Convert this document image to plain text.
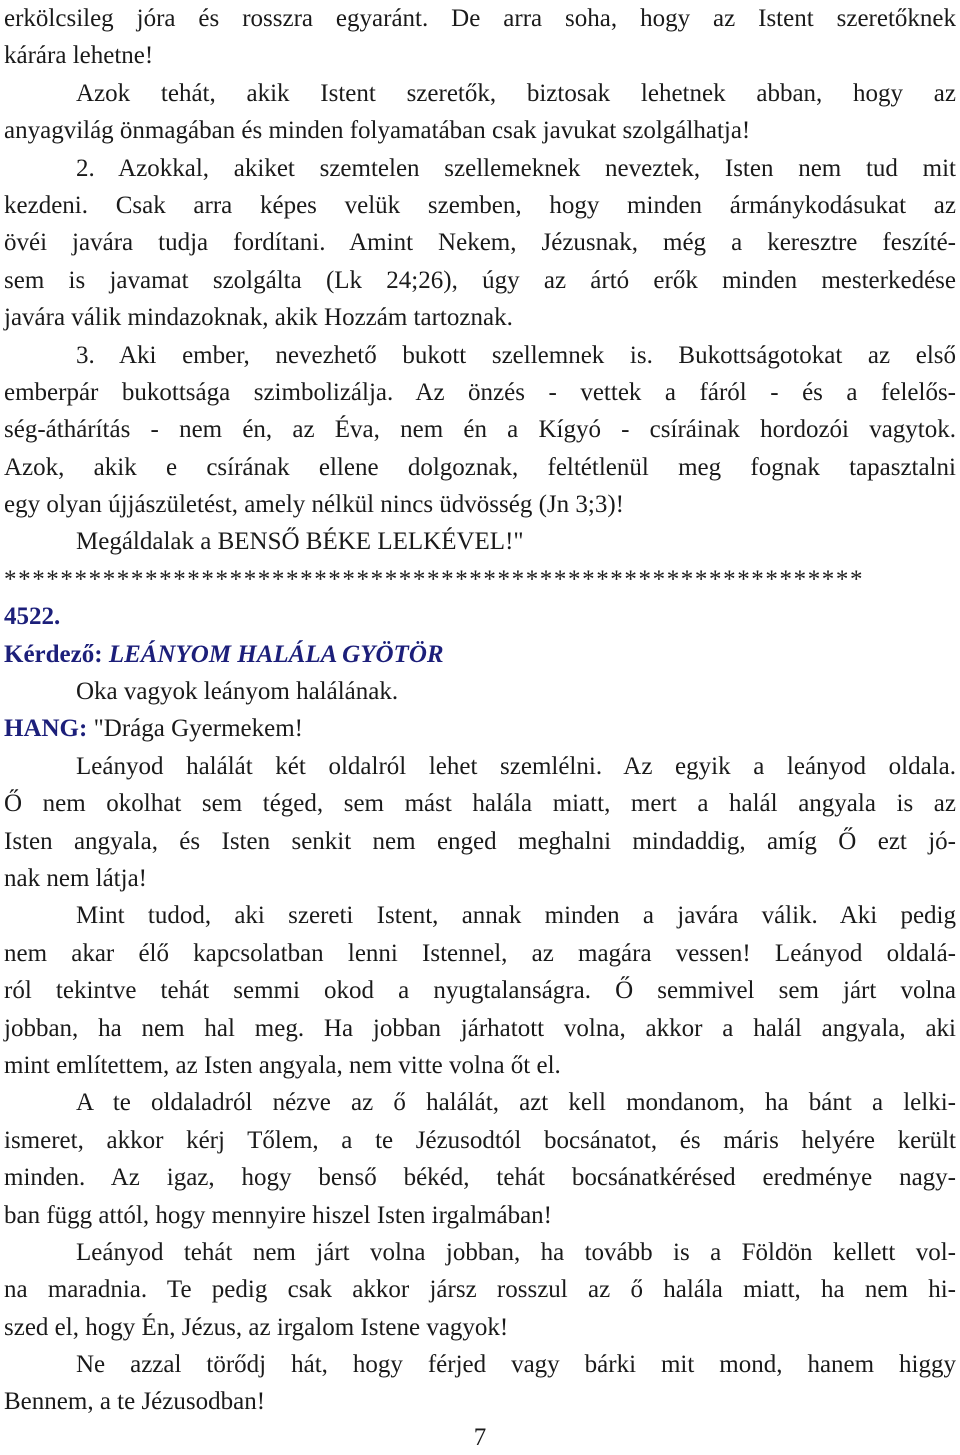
erkölcsileg jóra és rosszra egyaránt. De arra soha, hogy az Istent szeretőknek
kárára lehetne!
Azok tehát, akik Istent szeretők, biztosak lehetnek abban, hogy az
anyagvilág önmagában és minden folyamatában csak javukat szolgálhatja!
2. Azokkal, akiket szemtelen szellemeknek neveztek, Isten nem tud mit
kezdeni. Csak arra képes velük szemben, hogy minden ármánykodásukat az
övéi javára tudja fordítani. Amint Nekem, Jézusnak, még a keresztre feszíté-
sem is javamat szolgálta (Lk 24;26), úgy az ártó erők minden mesterkedése
javára válik mindazoknak, akik Hozzám tartoznak.
3. Aki ember, nevezhető bukott szellemnek is. Bukottságotokat az első
emberpár bukottsága szimbolizálja. Az önzés - vettek a fáról - és a felelős-
ség-áthárítás - nem én, az Éva, nem én a Kígyó - csíráinak hordozói vagytok.
Azok, akik e csírának ellene dolgoznak, feltétlenül meg fognak tapasztalni
egy olyan újjászületést, amely nélkül nincs üdvösség (Jn 3;3)!
Megáldalak a BENSŐ BÉKE LELKÉVEL!"
*************************************************************
4522.
Kérdező: LEÁNYOM HALÁLA GYÖTÖR
Oka vagyok leányom halálának.
HANG: "Drága Gyermekem!
Leányod halálát két oldalról lehet szemlélni. Az egyik a leányod oldala.
Ő nem okolhat sem téged, sem mást halála miatt, mert a halál angyala is az
Isten angyala, és Isten senkit nem enged meghalni mindaddig, amíg Ő ezt jó-
nak nem látja!
Mint tudod, aki szereti Istent, annak minden a javára válik. Aki pedig
nem akar élő kapcsolatban lenni Istennel, az magára vessen! Leányod oldalá-
ról tekintve tehát semmi okod a nyugtalanságra. Ő semmivel sem járt volna
jobban, ha nem hal meg. Ha jobban járhatott volna, akkor a halál angyala, aki
mint említettem, az Isten angyala, nem vitte volna őt el.
A te oldaladról nézve az ő halálát, azt kell mondanom, ha bánt a lelki-
ismeret, akkor kérj Tőlem, a te Jézusodtól bocsánatot, és máris helyére került
minden. Az igaz, hogy benső békéd, tehát bocsánatkérésed eredménye nagy-
ban függ attól, hogy mennyire hiszel Isten irgalmában!
Leányod tehát nem járt volna jobban, ha tovább is a Földön kellett vol-
na maradnia. Te pedig csak akkor jársz rosszul az ő halála miatt, ha nem hi-
szed el, hogy Én, Jézus, az irgalom Istene vagyok!
Ne azzal törődj hát, hogy férjed vagy bárki mit mond, hanem higgy
Bennem, a te Jézusodban!
7
